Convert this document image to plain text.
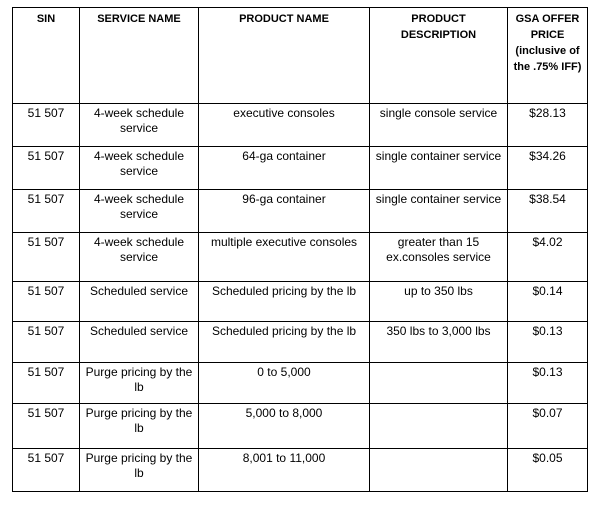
SIN	SERVICE NAME	PRODUCT NAME	PRODUCT DESCRIPTION	GSA OFFER PRICE (inclusive of the .75% IFF)
51 507	4-week schedule service	executive consoles	single console service	$28.13
51 507	4-week schedule service	64-ga container	single container service	$34.26
51 507	4-week schedule service	96-ga container	single container service	$38.54
51 507	4-week schedule service	multiple executive consoles	greater than 15 ex.consoles service	$4.02
51 507	Scheduled service	Scheduled pricing by the lb	up to 350 lbs	$0.14
51 507	Scheduled service	Scheduled pricing by the lb	350 lbs to 3,000 lbs	$0.13
51 507	Purge pricing by the lb	0 to 5,000		$0.13
51 507	Purge pricing by the lb	5,000 to 8,000		$0.07
51 507	Purge pricing by the lb	8,001 to 11,000		$0.05
